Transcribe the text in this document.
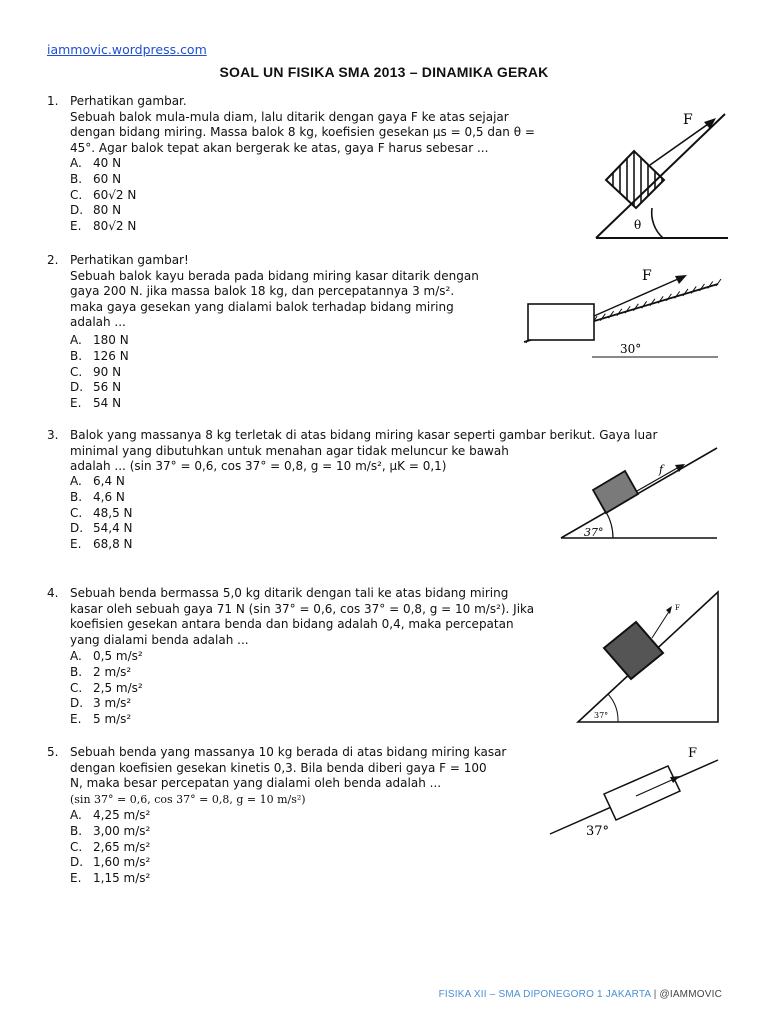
iammovic.wordpress.com
SOAL UN FISIKA SMA 2013 – DINAMIKA GERAK
1. Perhatikan gambar.
Sebuah balok mula-mula diam, lalu ditarik dengan gaya F ke atas sejajar
dengan bidang miring. Massa balok 8 kg, koefisien gesekan μs = 0,5 dan θ =
45°. Agar balok tepat akan bergerak ke atas, gaya F harus sebesar ...
A. 40 N
B. 60 N
C. 60√2 N
D. 80 N
E. 80√2 N
F
θ
2. Perhatikan gambar!
Sebuah balok kayu berada pada bidang miring kasar ditarik dengan
gaya 200 N. jika massa balok 18 kg, dan percepatannya 3 m/s².
maka gaya gesekan yang dialami balok terhadap bidang miring
adalah ...
A. 180 N
B. 126 N
C. 90 N
D. 56 N
E. 54 N
F
30°
3. Balok yang massanya 8 kg terletak di atas bidang miring kasar seperti gambar berikut. Gaya luar
minimal yang dibutuhkan untuk menahan agar tidak meluncur ke bawah
adalah ... (sin 37° = 0,6, cos 37° = 0,8, g = 10 m/s², μK = 0,1)
A. 6,4 N
B. 4,6 N
C. 48,5 N
D. 54,4 N
E. 68,8 N
f
37°
4. Sebuah benda bermassa 5,0 kg ditarik dengan tali ke atas bidang miring
kasar oleh sebuah gaya 71 N (sin 37° = 0,6, cos 37° = 0,8, g = 10 m/s²). Jika
koefisien gesekan antara benda dan bidang adalah 0,4, maka percepatan
yang dialami benda adalah ...
A. 0,5 m/s²
B. 2 m/s²
C. 2,5 m/s²
D. 3 m/s²
E. 5 m/s²
F
37°
5. Sebuah benda yang massanya 10 kg berada di atas bidang miring kasar
dengan koefisien gesekan kinetis 0,3. Bila benda diberi gaya F = 100
N, maka besar percepatan yang dialami oleh benda adalah ...
(sin 37° = 0,6, cos 37° = 0,8, g = 10 m/s²)
A. 4,25 m/s²
B. 3,00 m/s²
C. 2,65 m/s²
D. 1,60 m/s²
E. 1,15 m/s²
F
37°
FISIKA XII – SMA DIPONEGORO 1 JAKARTA | @IAMMOVIC
